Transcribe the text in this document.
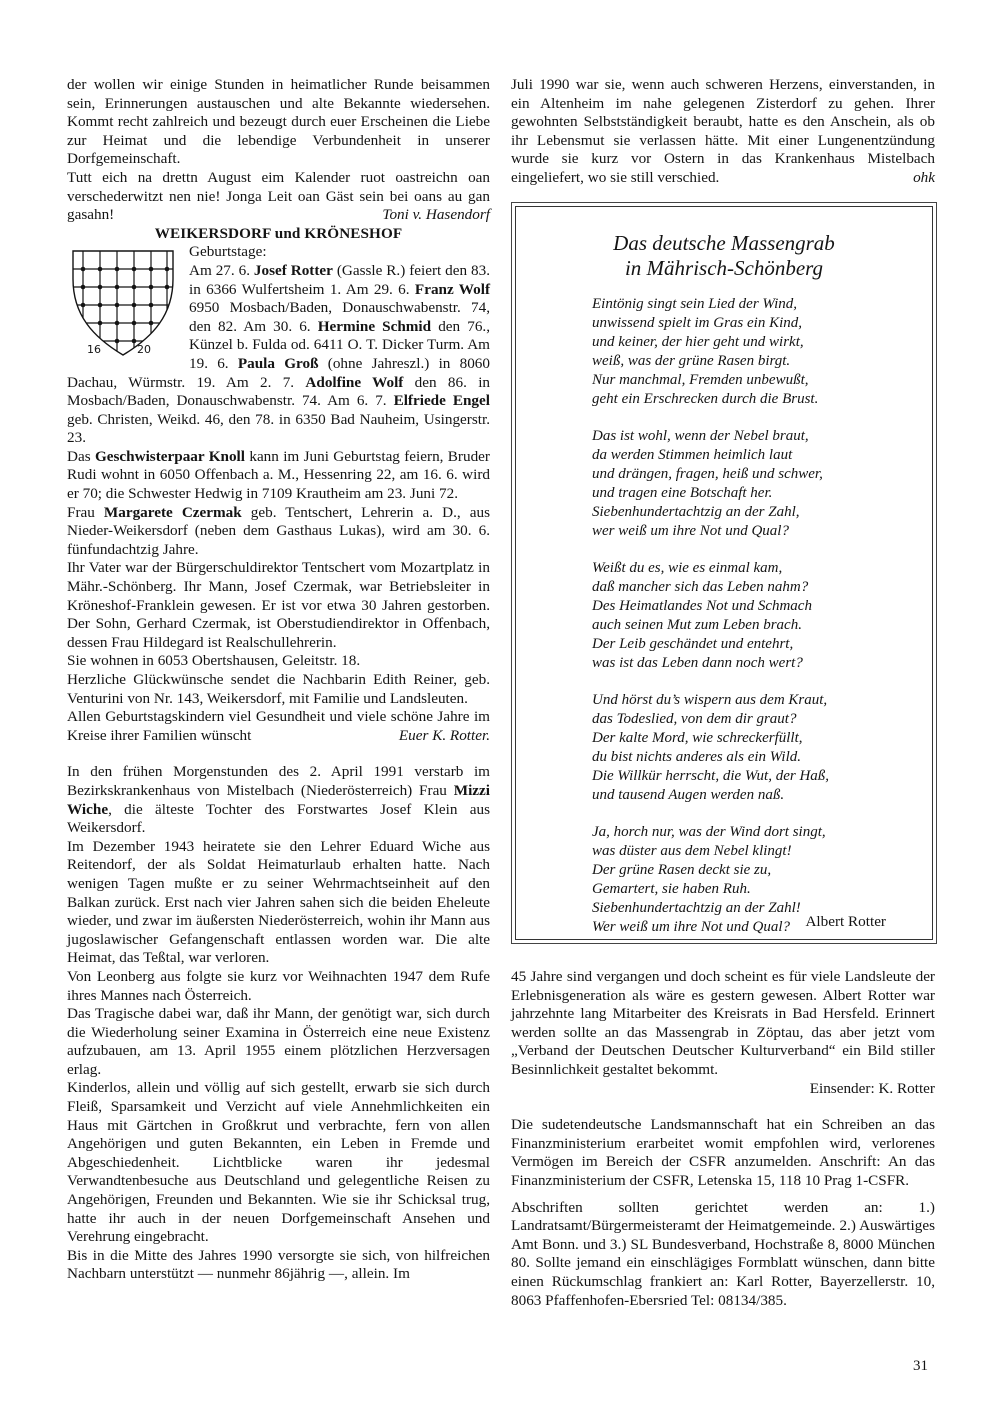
der wollen wir einige Stunden in heimatlicher Runde beisammen sein, Erinnerungen austauschen und alte Bekannte wiedersehen. Kommt recht zahlreich und bezeugt durch euer Erscheinen die Liebe zur Heimat und die lebendige Verbundenheit in unserer Dorfgemeinschaft.

Tutt eich na drettn August eim Kalender ruot oastreichn oan verschederwitzt nen nie! Jonga Leit oan Gäst sein bei oans au gan gasahn!	Toni v. Hasendorf

WEIKERSDORF und KRÖNESHOF

16	20

Geburtstage:

Am 27. 6. Josef Rotter (Gassle R.) feiert den 83. in 6366 Wulfertsheim 1. Am 29. 6. Franz Wolf 6950 Mosbach/Baden, Donauschwabenstr. 74, den 82. Am 30. 6. Hermine Schmid den 76., Künzel b. Fulda od. 6411 O. T. Dicker Turm. Am 19. 6. Paula Groß (ohne Jahreszl.) in 8060 Dachau, Würmstr. 19. Am 2. 7. Adolfine Wolf den 86. in Mosbach/Baden, Donauschwabenstr. 74. Am 6. 7. Elfriede Engel geb. Christen, Weikd. 46, den 78. in 6350 Bad Nauheim, Usingerstr. 23.

Das Geschwisterpaar Knoll kann im Juni Geburtstag feiern, Bruder Rudi wohnt in 6050 Offenbach a. M., Hessenring 22, am 16. 6. wird er 70; die Schwester Hedwig in 7109 Krautheim am 23. Juni 72.

Frau Margarete Czermak geb. Tentschert, Lehrerin a. D., aus Nieder-Weikersdorf (neben dem Gasthaus Lukas), wird am 30. 6. fünfundachtzig Jahre.

Ihr Vater war der Bürgerschuldirektor Tentschert vom Mozartplatz in Mähr.-Schönberg. Ihr Mann, Josef Czermak, war Betriebsleiter in Kröneshof-Franklein gewesen. Er ist vor etwa 30 Jahren gestorben. Der Sohn, Gerhard Czermak, ist Oberstudiendirektor in Offenbach, dessen Frau Hildegard ist Realschullehrerin.

Sie wohnen in 6053 Obertshausen, Geleitstr. 18.

Herzliche Glückwünsche sendet die Nachbarin Edith Reiner, geb. Venturini von Nr. 143, Weikersdorf, mit Familie und Landsleuten.

Allen Geburtstagskindern viel Gesundheit und viele schöne Jahre im Kreise ihrer Familien wünscht	Euer K. Rotter.

In den frühen Morgenstunden des 2. April 1991 verstarb im Bezirkskrankenhaus von Mistelbach (Niederösterreich) Frau Mizzi Wiche, die älteste Tochter des Forstwartes Josef Klein aus Weikersdorf.

Im Dezember 1943 heiratete sie den Lehrer Eduard Wiche aus Reitendorf, der als Soldat Heimaturlaub erhalten hatte. Nach wenigen Tagen mußte er zu seiner Wehrmachtseinheit auf den Balkan zurück. Erst nach vier Jahren sahen sich die beiden Eheleute wieder, und zwar im äußersten Niederösterreich, wohin ihr Mann aus jugoslawischer Gefangenschaft entlassen worden war. Die alte Heimat, das Teßtal, war verloren.

Von Leonberg aus folgte sie kurz vor Weihnachten 1947 dem Rufe ihres Mannes nach Österreich.

Das Tragische dabei war, daß ihr Mann, der genötigt war, sich durch die Wiederholung seiner Examina in Österreich eine neue Existenz aufzubauen, am 13. April 1955 einem plötzlichen Herzversagen erlag.

Kinderlos, allein und völlig auf sich gestellt, erwarb sie sich durch Fleiß, Sparsamkeit und Verzicht auf viele Annehmlichkeiten ein Haus mit Gärtchen in Großkrut und verbrachte, fern von allen Angehörigen und guten Bekannten, ein Leben in Fremde und Abgeschiedenheit. Lichtblicke waren ihr jedesmal Verwandtenbesuche aus Deutschland und gelegentliche Reisen zu Angehörigen, Freunden und Bekannten. Wie sie ihr Schicksal trug, hatte ihr auch in der neuen Dorfgemeinschaft Ansehen und Verehrung eingebracht.

Bis in die Mitte des Jahres 1990 versorgte sie sich, von hilfreichen Nachbarn unterstützt — nunmehr 86jährig —, allein. Im

Juli 1990 war sie, wenn auch schweren Herzens, einverstanden, in ein Altenheim im nahe gelegenen Zisterdorf zu gehen. Ihrer gewohnten Selbstständigkeit beraubt, hatte es den Anschein, als ob ihr Lebensmut sie verlassen hätte. Mit einer Lungenentzündung wurde sie kurz vor Ostern in das Krankenhaus Mistelbach eingeliefert, wo sie still verschied.	ohk

Das deutsche Massengrab
in Mährisch-Schönberg
Eintönig singt sein Lied der Wind,
unwissend spielt im Gras ein Kind,
und keiner, der hier geht und wirkt,
weiß, was der grüne Rasen birgt.
Nur manchmal, Fremden unbewußt,
geht ein Erschrecken durch die Brust.
Das ist wohl, wenn der Nebel braut,
da werden Stimmen heimlich laut
und drängen, fragen, heiß und schwer,
und tragen eine Botschaft her.
Siebenhundertachtzig an der Zahl,
wer weiß um ihre Not und Qual?
Weißt du es, wie es einmal kam,
daß mancher sich das Leben nahm?
Des Heimatlandes Not und Schmach
auch seinen Mut zum Leben brach.
Der Leib geschändet und entehrt,
was ist das Leben dann noch wert?
Und hörst du’s wispern aus dem Kraut,
das Todeslied, von dem dir graut?
Der kalte Mord, wie schreckerfüllt,
du bist nichts anderes als ein Wild.
Die Willkür herrscht, die Wut, der Haß,
und tausend Augen werden naß.
Ja, horch nur, was der Wind dort singt,
was düster aus dem Nebel klingt!
Der grüne Rasen deckt sie zu,
Gemartert, sie haben Ruh.
Siebenhundertachtzig an der Zahl!
Wer weiß um ihre Not und Qual?	Albert Rotter

45 Jahre sind vergangen und doch scheint es für viele Landsleute der Erlebnisgeneration als wäre es gestern gewesen. Albert Rotter war jahrzehnte lang Mitarbeiter des Kreisrats in Bad Hersfeld. Erinnert werden sollte an das Massengrab in Zöptau, das aber jetzt vom „Verband der Deutschen Deutscher Kulturverband“ ein Bild stiller Besinnlichkeit gestaltet bekommt.

Einsender: K. Rotter

Die sudetendeutsche Landsmannschaft hat ein Schreiben an das Finanzministerium erarbeitet womit empfohlen wird, verlorenes Vermögen im Bereich der CSFR anzumelden. Anschrift: An das Finanzministerium der CSFR, Letenska 15, 118 10 Prag 1-CSFR.

Abschriften sollten gerichtet werden an: 1.) Landratsamt/Bürgermeisteramt der Heimatgemeinde. 2.) Auswärtiges Amt Bonn. und 3.) SL Bundesverband, Hochstraße 8, 8000 München 80. Sollte jemand ein einschlägiges Formblatt wünschen, dann bitte einen Rückumschlag frankiert an: Karl Rotter, Bayerzellerstr. 10, 8063 Pfaffenhofen-Ebersried Tel: 08134/385.

31
